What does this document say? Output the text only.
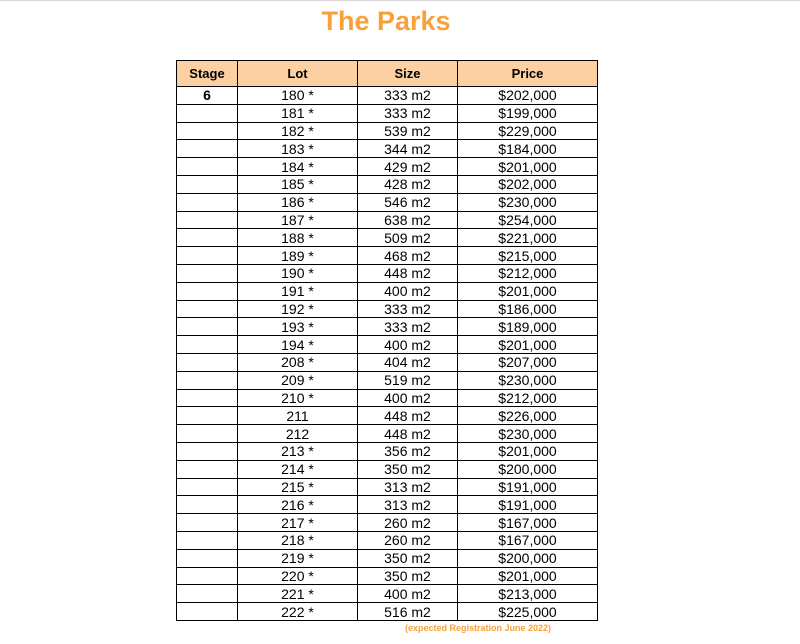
The Parks
Stage	Lot	Size	Price
6	180 *	333 m2	$202,000
	181 *	333 m2	$199,000
	182 *	539 m2	$229,000
	183 *	344 m2	$184,000
	184 *	429 m2	$201,000
	185 *	428 m2	$202,000
	186 *	546 m2	$230,000
	187 *	638 m2	$254,000
	188 *	509 m2	$221,000
	189 *	468 m2	$215,000
	190 *	448 m2	$212,000
	191 *	400 m2	$201,000
	192 *	333 m2	$186,000
	193 *	333 m2	$189,000
	194 *	400 m2	$201,000
	208 *	404 m2	$207,000
	209 *	519 m2	$230,000
	210 *	400 m2	$212,000
	211	448 m2	$226,000
	212	448 m2	$230,000
	213 *	356 m2	$201,000
	214 *	350 m2	$200,000
	215 *	313 m2	$191,000
	216 *	313 m2	$191,000
	217 *	260 m2	$167,000
	218 *	260 m2	$167,000
	219 *	350 m2	$200,000
	220 *	350 m2	$201,000
	221 *	400 m2	$213,000
	222 *	516 m2	$225,000
(expected Registration June 2022)
